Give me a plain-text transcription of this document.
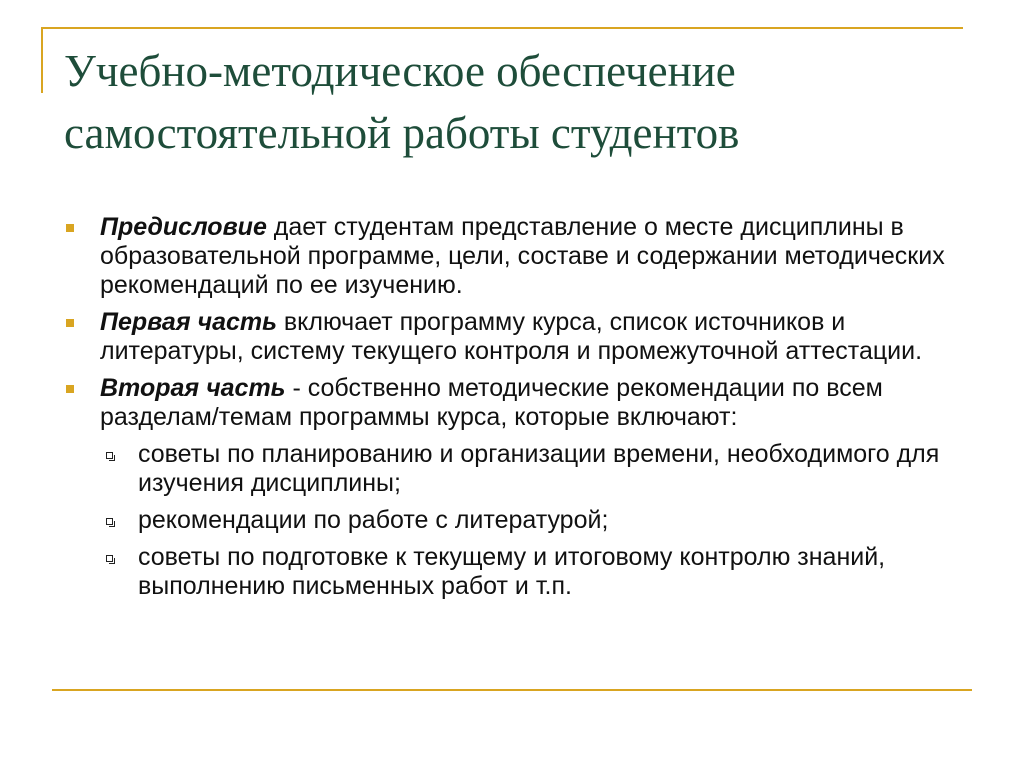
Учебно-методическое обеспечение самостоятельной работы студентов
Предисловие дает студентам представление о месте дисциплины в образовательной программе, цели, составе и содержании методических рекомендаций по ее изучению.
Первая часть включает программу курса, список источников и литературы, систему текущего контроля и промежуточной аттестации.
Вторая часть - собственно методические рекомендации по всем разделам/темам программы курса, которые включают:
советы по планированию и организации времени, необходимого для изучения дисциплины;
рекомендации по работе с литературой;
советы по подготовке к текущему и итоговому контролю знаний, выполнению письменных работ и т.п.
